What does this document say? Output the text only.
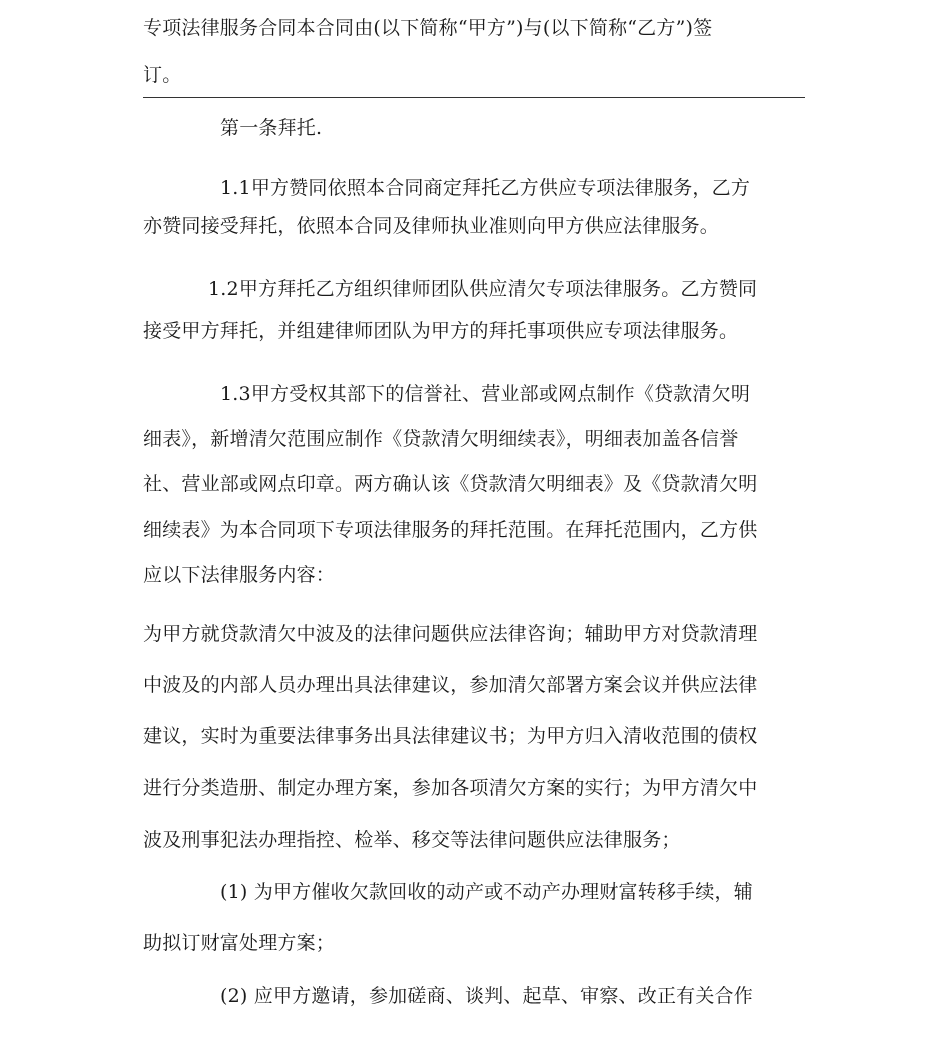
专项法律服务合同本合同由(以下简称“甲方”)与(以下简称“乙方”)签
订。
第一条拜托.
1.1甲方赞同依照本合同商定拜托乙方供应专项法律服务，乙方
亦赞同接受拜托，依照本合同及律师执业准则向甲方供应法律服务。
1.2甲方拜托乙方组织律师团队供应清欠专项法律服务。乙方赞同
接受甲方拜托，并组建律师团队为甲方的拜托事项供应专项法律服务。
1.3甲方受权其部下的信誉社、营业部或网点制作《贷款清欠明
细表》，新增清欠范围应制作《贷款清欠明细续表》，明细表加盖各信誉
社、营业部或网点印章。两方确认该《贷款清欠明细表》及《贷款清欠明
细续表》为本合同项下专项法律服务的拜托范围。在拜托范围内，乙方供
应以下法律服务内容：
为甲方就贷款清欠中波及的法律问题供应法律咨询；辅助甲方对贷款清理
中波及的内部人员办理出具法律建议，参加清欠部署方案会议并供应法律
建议，实时为重要法律事务出具法律建议书；为甲方归入清收范围的债权
进行分类造册、制定办理方案，参加各项清欠方案的实行；为甲方清欠中
波及刑事犯法办理指控、检举、移交等法律问题供应法律服务；
(1) 为甲方催收欠款回收的动产或不动产办理财富转移手续，辅
助拟订财富处理方案；
(2) 应甲方邀请，参加磋商、谈判、起草、审察、改正有关合作
